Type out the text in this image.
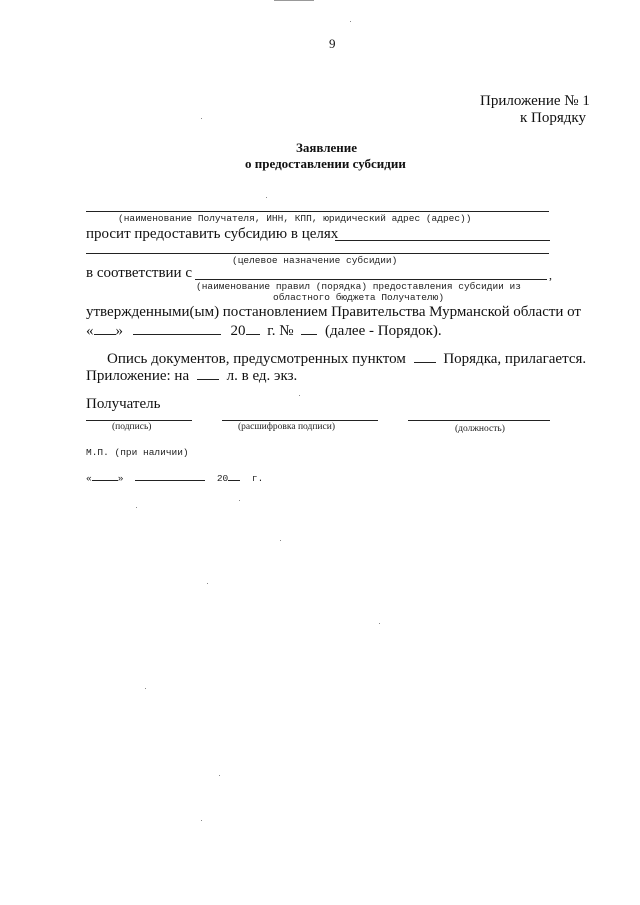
9
Приложение № 1
к Порядку
Заявление
о предоставлении субсидии
(наименование Получателя, ИНН, КПП, юридический адрес (адрес))
просит предоставить субсидию в целях
(целевое назначение субсидии)
в соответствии с	,
(наименование правил (порядка) предоставления субсидии из
областного бюджета Получателю)
утвержденными(ым) постановлением Правительства Мурманской области от
« »	20 г. № (далее - Порядок).
Опись документов, предусмотренных пунктом	Порядка, прилагается.
Приложение: на	л. в ед. экз.
Получатель
(подпись)	(расшифровка подписи)	(должность)
М.П. (при наличии)
«	»	20 г.
